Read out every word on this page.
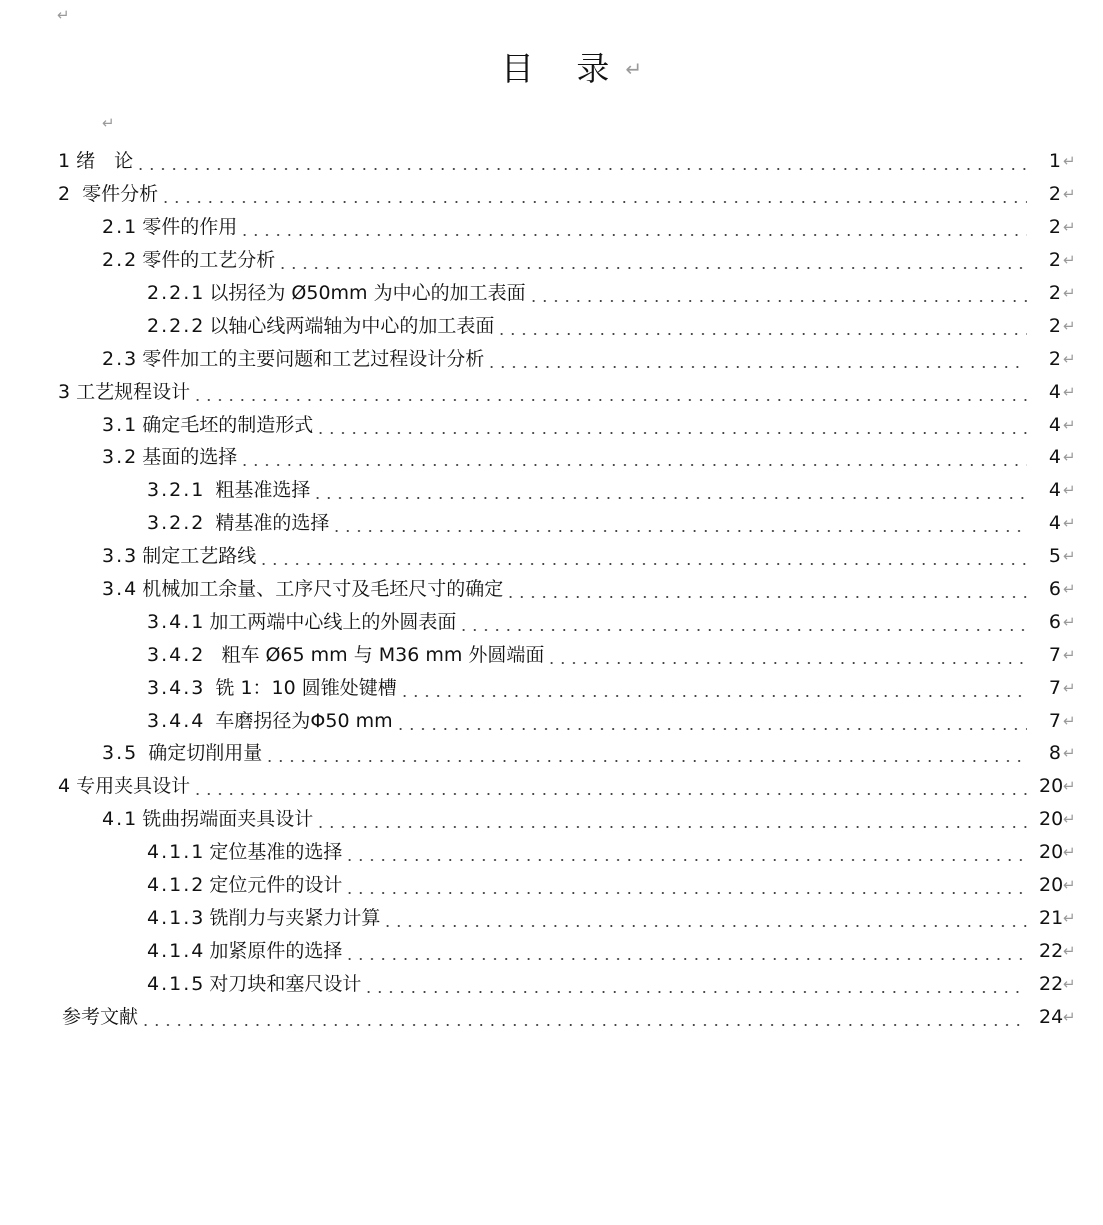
↵
目 录↵
↵
1 绪　论	1 ↵
2 零件分析	2 ↵
2.1 零件的作用	2 ↵
2.2 零件的工艺分析	2 ↵
2.2.1 以拐径为 Ø50mm 为中心的加工表面	2 ↵
2.2.2 以轴心线两端轴为中心的加工表面	2 ↵
2.3 零件加工的主要问题和工艺过程设计分析	2 ↵
3 工艺规程设计	4 ↵
3.1 确定毛坯的制造形式	4 ↵
3.2 基面的选择	4 ↵
3.2.1 粗基准选择	4 ↵
3.2.2 精基准的选择	4 ↵
3.3 制定工艺路线	5 ↵
3.4 机械加工余量、工序尺寸及毛坯尺寸的确定	6 ↵
3.4.1 加工两端中心线上的外圆表面	6 ↵
3.4.2 粗车 Ø65 mm 与 M36 mm 外圆端面	7 ↵
3.4.3 铣 1：10 圆锥处键槽	7 ↵
3.4.4 车磨拐径为Φ50 mm	7 ↵
3.5 确定切削用量	8 ↵
4 专用夹具设计	20 ↵
4.1 铣曲拐端面夹具设计	20 ↵
4.1.1 定位基准的选择	20 ↵
4.1.2 定位元件的设计	20 ↵
4.1.3 铣削力与夹紧力计算	21 ↵
4.1.4 加紧原件的选择	22 ↵
4.1.5 对刀块和塞尺设计	22 ↵
参考文献	24 ↵
